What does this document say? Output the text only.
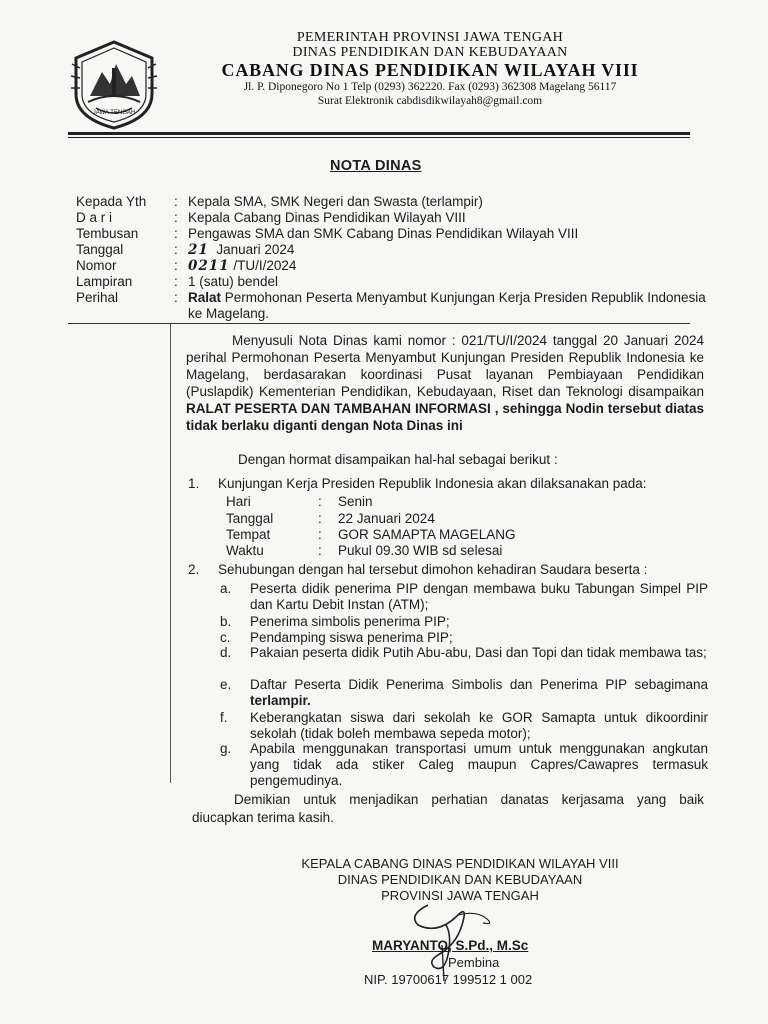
JAWA TENGAH
PEMERINTAH PROVINSI JAWA TENGAH
DINAS PENDIDIKAN DAN KEBUDAYAAN
CABANG DINAS PENDIDIKAN WILAYAH VIII
Jl. P. Diponegoro No 1 Telp (0293) 362220. Fax (0293) 362308 Magelang 56117
Surat Elektronik cabdisdikwilayah8@gmail.com
NOTA DINAS
Kepada Yth	: Kepala SMA, SMK Negeri dan Swasta (terlampir)
D a r i	: Kepala Cabang Dinas Pendidikan Wilayah VIII
Tembusan	: Pengawas SMA dan SMK Cabang Dinas Pendidikan Wilayah VIII
Tanggal	: 21 Januari 2024
Nomor	: 0211 /TU/I/2024
Lampiran	: 1 (satu) bendel
Perihal	: Ralat Permohonan Peserta Menyambut Kunjungan Kerja Presiden Republik Indonesia ke Magelang.
Menyusuli Nota Dinas kami nomor : 021/TU/I/2024 tanggal 20 Januari 2024 perihal Permohonan Peserta Menyambut Kunjungan Presiden Republik Indonesia ke Magelang, berdasarakan koordinasi Pusat layanan Pembiayaan Pendidikan (Puslapdik) Kementerian Pendidikan, Kebudayaan, Riset dan Teknologi disampaikan RALAT PESERTA DAN TAMBAHAN INFORMASI , sehingga Nodin tersebut diatas tidak berlaku diganti dengan Nota Dinas ini
Dengan hormat disampaikan hal-hal sebagai berikut :
1. Kunjungan Kerja Presiden Republik Indonesia akan dilaksanakan pada:
Hari	: Senin
Tanggal	: 22 Januari 2024
Tempat	: GOR SAMAPTA MAGELANG
Waktu	: Pukul 09.30 WIB sd selesai
2. Sehubungan dengan hal tersebut dimohon kehadiran Saudara beserta :
a. Peserta didik penerima PIP dengan membawa buku Tabungan Simpel PIP dan Kartu Debit Instan (ATM);
b. Penerima simbolis penerima PIP;
c. Pendamping siswa penerima PIP;
d. Pakaian peserta didik Putih Abu-abu, Dasi dan Topi dan tidak membawa tas;
e. Daftar Peserta Didik Penerima Simbolis dan Penerima PIP sebagimana terlampir.
f. Keberangkatan siswa dari sekolah ke GOR Samapta untuk dikoordinir sekolah (tidak boleh membawa sepeda motor);
g. Apabila menggunakan transportasi umum untuk menggunakan angkutan yang tidak ada stiker Caleg maupun Capres/Cawapres termasuk pengemudinya.
Demikian untuk menjadikan perhatian danatas kerjasama yang baik diucapkan terima kasih.
KEPALA CABANG DINAS PENDIDIKAN WILAYAH VIII
DINAS PENDIDIKAN DAN KEBUDAYAAN
PROVINSI JAWA TENGAH
MARYANTO, S.Pd., M.Sc
Pembina
NIP. 19700617 199512 1 002
